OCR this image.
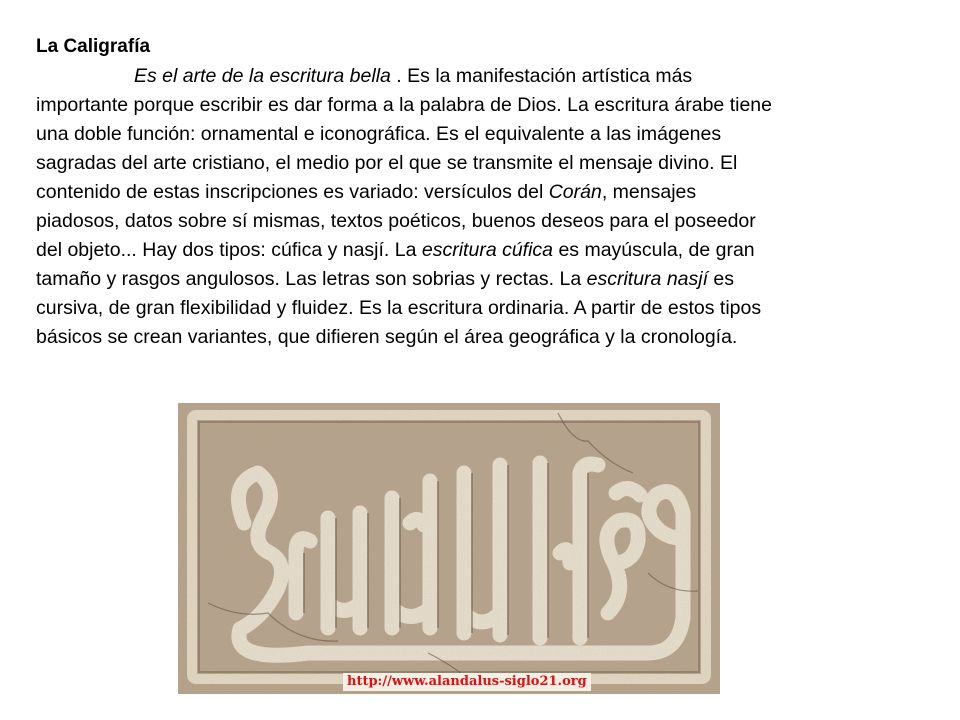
La Caligrafía

Es el arte de la escritura bella . Es la manifestación artística más

importante porque escribir es dar forma a la palabra de Dios. La escritura árabe tiene

una doble función: ornamental e iconográfica. Es el equivalente a las imágenes

sagradas del arte cristiano, el medio por el que se transmite el mensaje divino. El

contenido de estas inscripciones es variado: versículos del Corán, mensajes

piadosos, datos sobre sí mismas, textos poéticos, buenos deseos para el poseedor

del objeto... Hay dos tipos: cúfica y nasjí. La escritura cúfica es mayúscula, de gran

tamaño y rasgos angulosos. Las letras son sobrias y rectas. La escritura nasjí es

cursiva, de gran flexibilidad y fluidez. Es la escritura ordinaria. A partir de estos tipos

básicos se crean variantes, que difieren según el área geográfica y la cronología.

http://www.alandalus-siglo21.org
